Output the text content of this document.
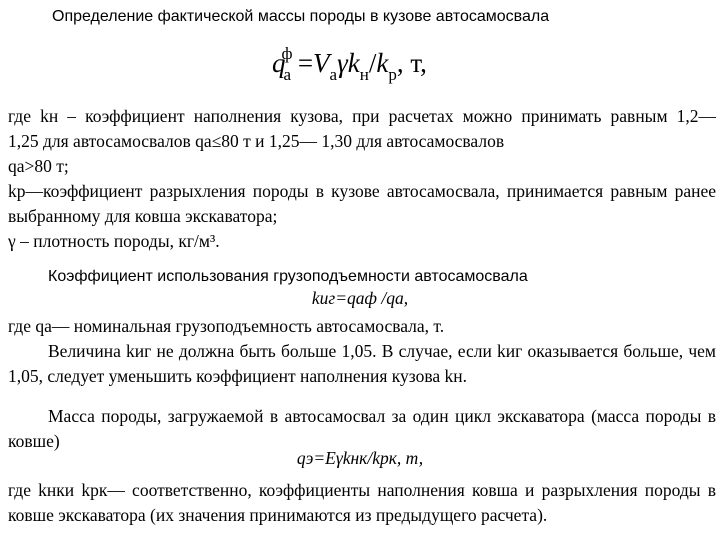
Определение фактической массы породы в кузове автосамосвала
$q^ф_а =V_а\gamma k_н/k_р$, т,
где kн – коэффициент наполнения кузова, при расчетах можно принимать равным 1,2—
1,25 для автосамосвалов qа≤80 т и 1,25— 1,30 для автосамосвалов
qа>80 т;
kр—коэффициент разрыхления породы в кузове автосамосвала, принимается равным ранее
выбранному для ковша экскаватора;
γ – плотность породы, кг/м³.
Коэффициент использования грузоподъемности автосамосвала
kиг=qаф /qа,
где qа— номинальная грузоподъемность автосамосвала, т.
Величина kиг не должна быть больше 1,05. В случае, если kиг оказывается больше, чем
1,05, следует уменьшить коэффициент наполнения кузова kн.
Масса породы, загружаемой в автосамосвал за один цикл экскаватора (масса породы в
ковше)
qэ=Eγkнк/kрк, т,
где kнки kрк— соответственно, коэффициенты наполнения ковша и разрыхления породы в
ковше экскаватора (их значения принимаются из предыдущего расчета).
